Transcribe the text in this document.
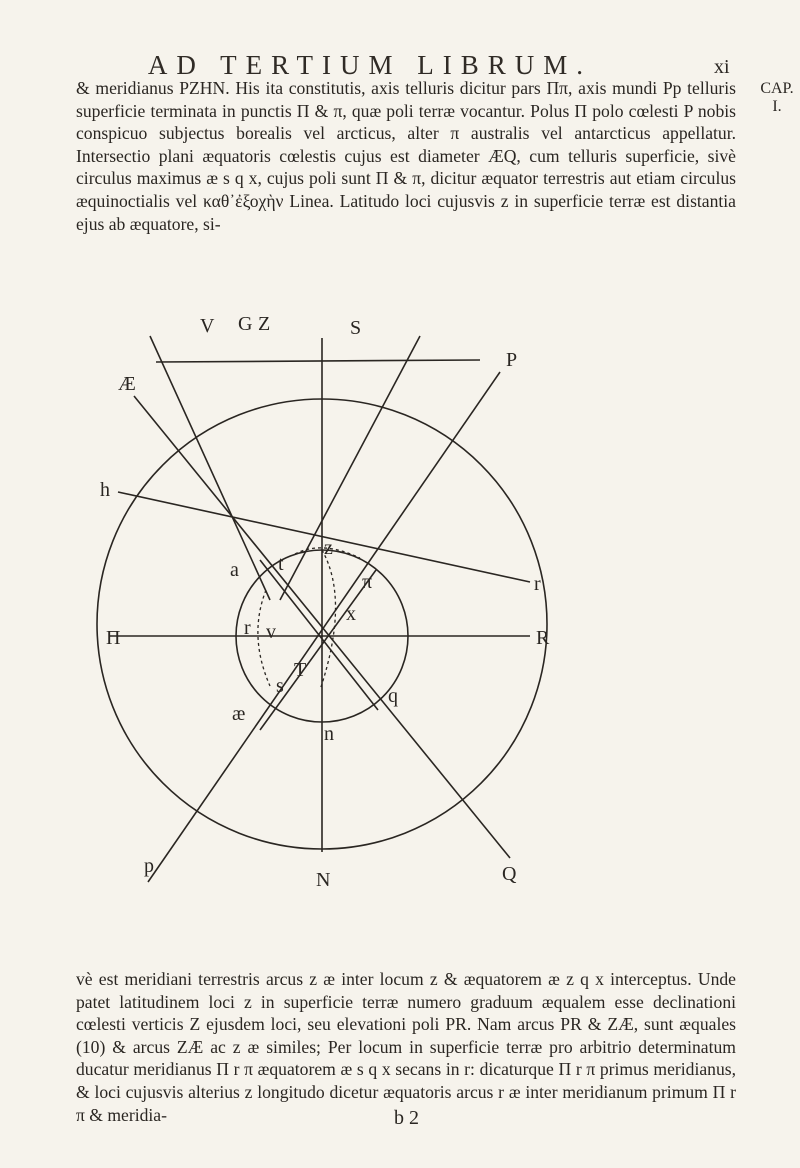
AD TERTIUM LIBRUM.	xi
CAP.
I.

& meridianus PZHN. His ita constitutis, axis telluris dicitur pars Ππ, axis mundi Pp telluris superficie terminata in punctis Π & π, quæ poli terræ vocantur. Polus Π polo cœlesti P nobis conspicuo subjectus borealis vel arcticus, alter π australis vel antarcticus appellatur. Intersectio plani æquatoris cœlestis cujus est diameter ÆQ, cum telluris superficie, sivè circulus maximus æ s q x, cujus poli sunt Π & π, dicitur æquator terrestris aut etiam circulus æquinoctialis vel καθ᾽ἐξοχὴν Linea. Latitudo loci cujusvis z in superficie terræ est distantia ejus ab æquatore, si-

V G Z	S
Æ
P
h
r
z
a t
x
π
Π	R
r v
T
s
æ
q
n
p	Q
N

vè est meridiani terrestris arcus z æ inter locum z & æquatorem æ z q x interceptus. Unde patet latitudinem loci z in superficie terræ numero graduum æqualem esse declinationi cœlesti verticis Z ejusdem loci, seu elevationi poli PR. Nam arcus PR & ZÆ, sunt æquales (10) & arcus ZÆ ac z æ similes; Per locum in superficie terræ pro arbitrio determinatum ducatur meridianus Π r π æquatorem æ s q x secans in r: dicaturque Π r π primus meridianus, & loci cujusvis alterius z longitudo dicetur æquatoris arcus r æ inter meridianum primum Π r π & meridia-	b 2
